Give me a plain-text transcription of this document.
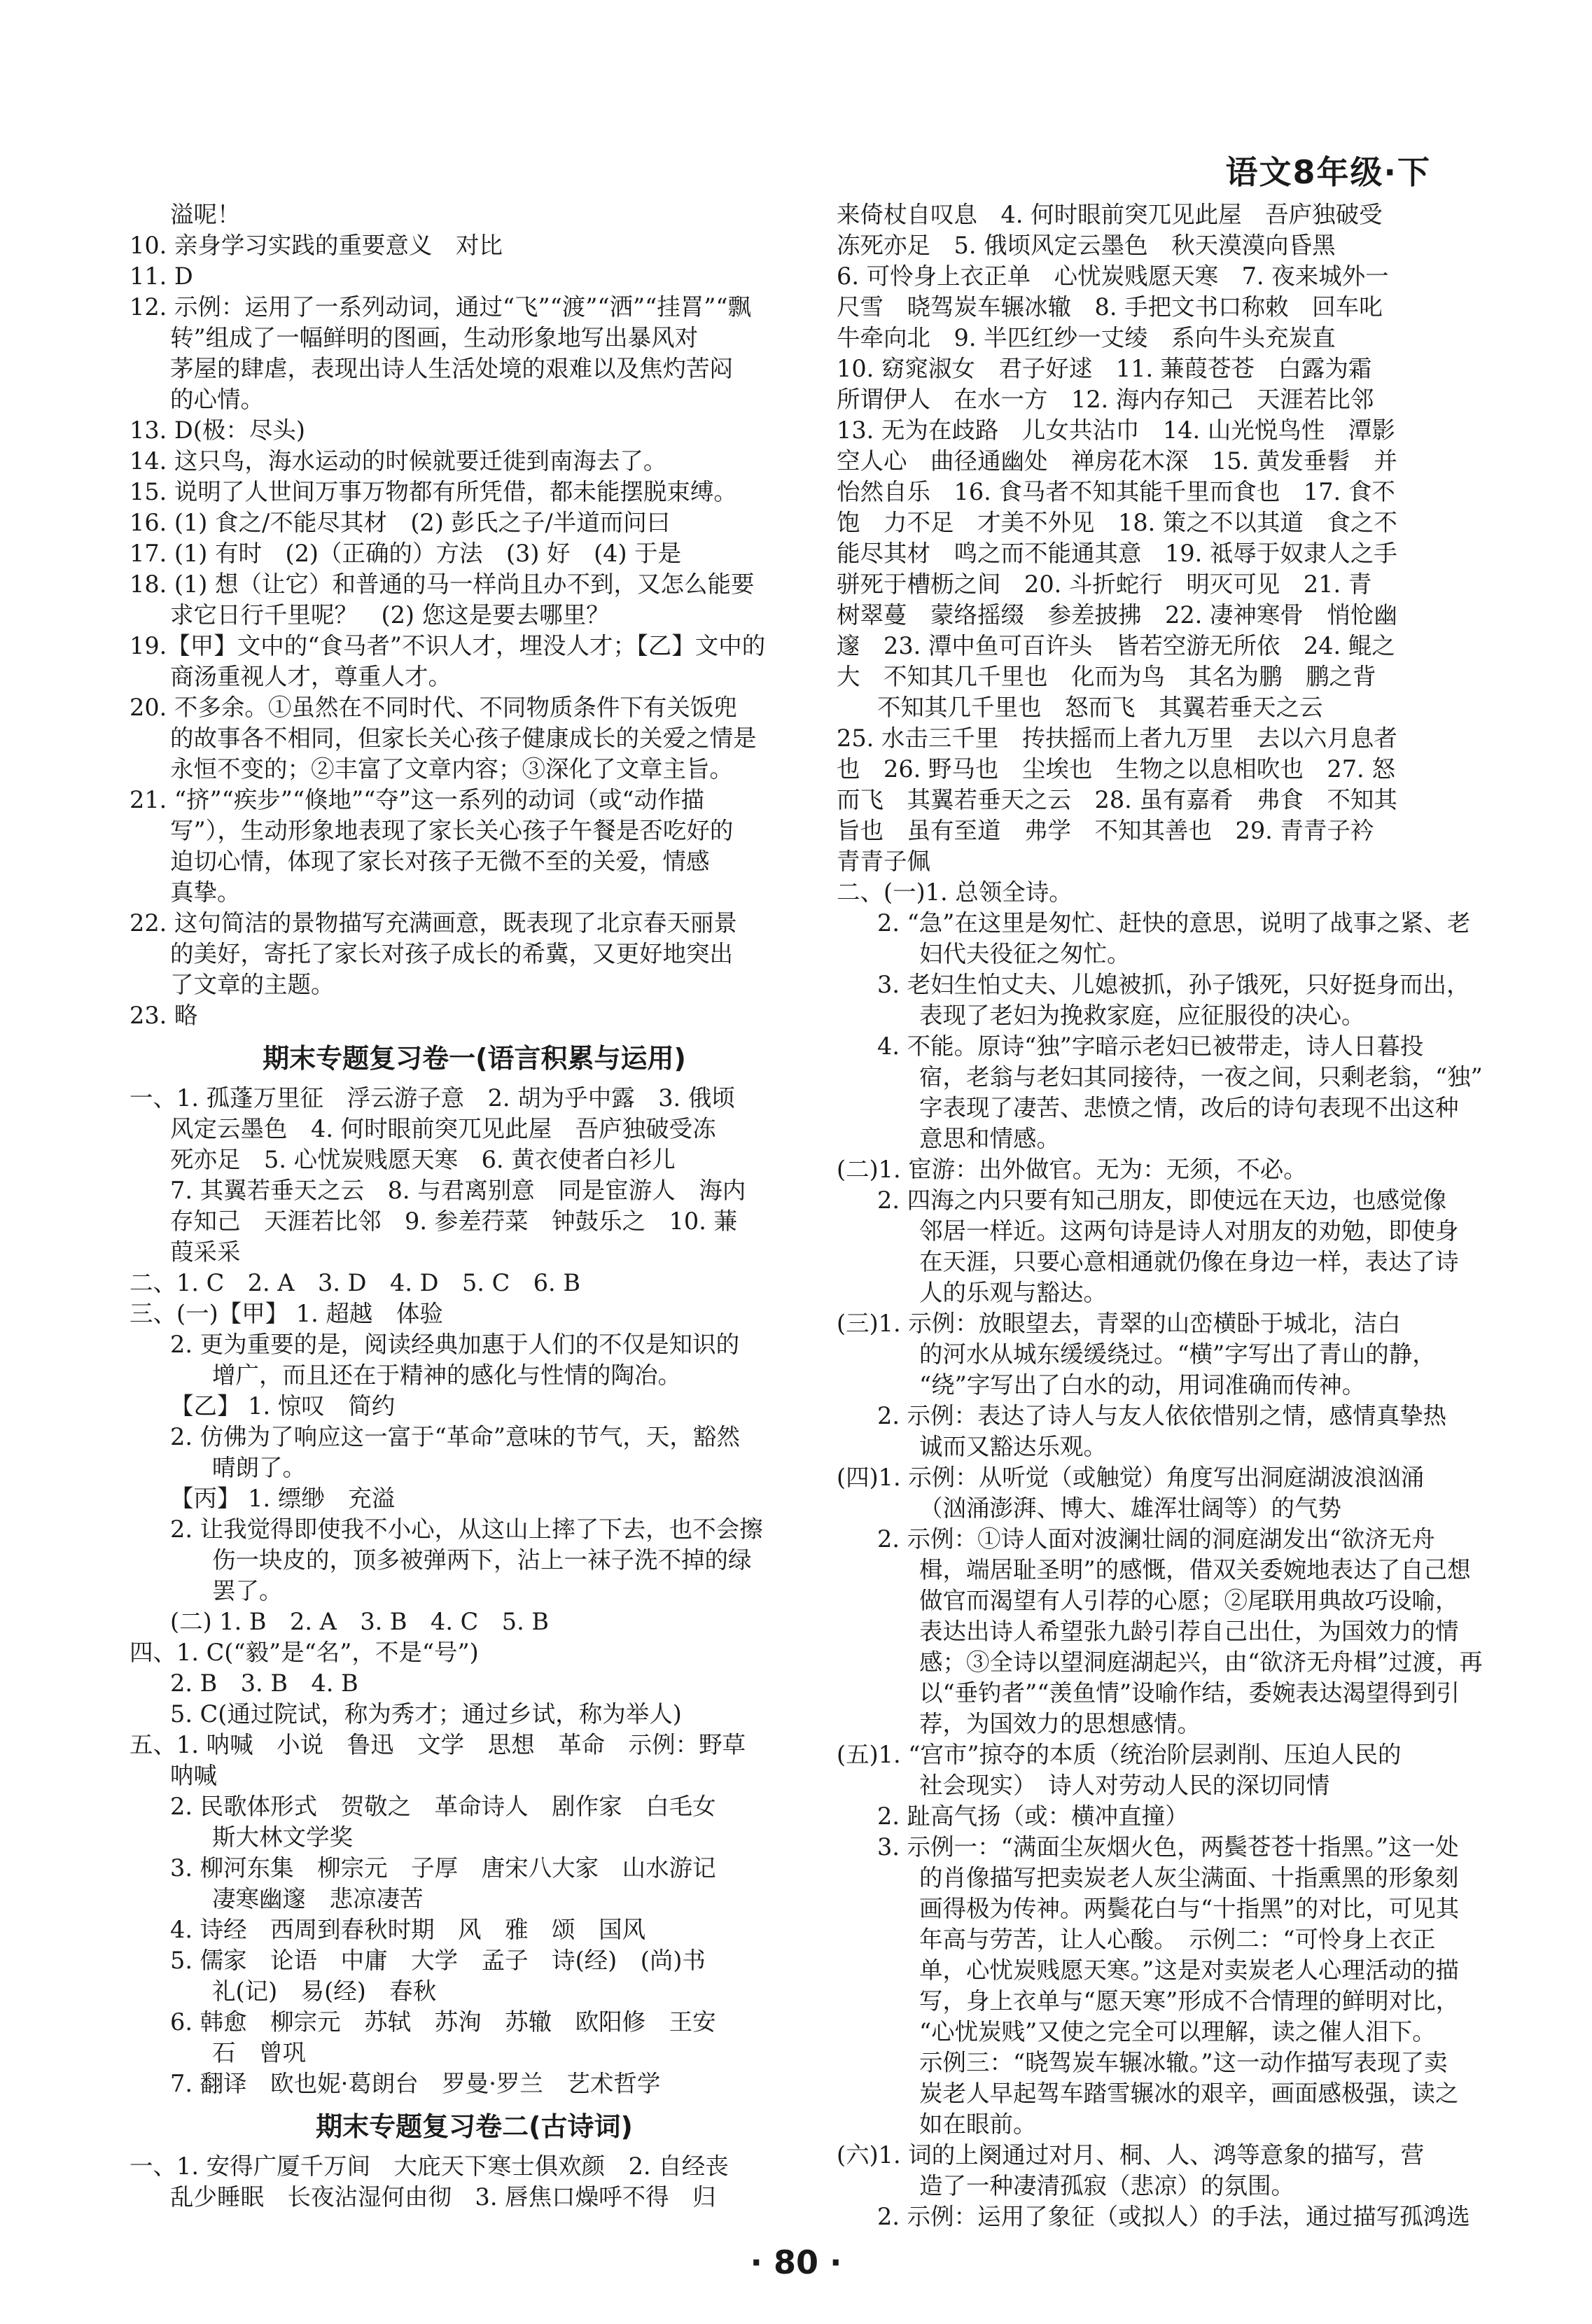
语文8年级·下
溢呢！
10. 亲身学习实践的重要意义　对比
11. D
12. 示例：运用了一系列动词，通过“飞”“渡”“洒”“挂罥”“飘
转”组成了一幅鲜明的图画，生动形象地写出暴风对
茅屋的肆虐，表现出诗人生活处境的艰难以及焦灼苦闷
的心情。
13. D(极：尽头)
14. 这只鸟，海水运动的时候就要迁徙到南海去了。
15. 说明了人世间万事万物都有所凭借，都未能摆脱束缚。
16. (1) 食之/不能尽其材　(2) 彭氏之子/半道而问曰
17. (1) 有时　(2)（正确的）方法　(3) 好　(4) 于是
18. (1) 想（让它）和普通的马一样尚且办不到，又怎么能要
求它日行千里呢？　(2) 您这是要去哪里？
19.【甲】文中的“食马者”不识人才，埋没人才；【乙】文中的
商汤重视人才，尊重人才。
20. 不多余。①虽然在不同时代、不同物质条件下有关饭兜
的故事各不相同，但家长关心孩子健康成长的关爱之情是
永恒不变的；②丰富了文章内容；③深化了文章主旨。
21. “挤”“疾步”“倏地”“夺”这一系列的动词（或“动作描
写”），生动形象地表现了家长关心孩子午餐是否吃好的
迫切心情，体现了家长对孩子无微不至的关爱，情感
真挚。
22. 这句简洁的景物描写充满画意，既表现了北京春天丽景
的美好，寄托了家长对孩子成长的希冀，又更好地突出
了文章的主题。
23. 略
期末专题复习卷一(语言积累与运用)
一、1. 孤蓬万里征　浮云游子意　2. 胡为乎中露　3. 俄顷
风定云墨色　4. 何时眼前突兀见此屋　吾庐独破受冻
死亦足　5. 心忧炭贱愿天寒　6. 黄衣使者白衫儿
7. 其翼若垂天之云　8. 与君离别意　同是宦游人　海内
存知己　天涯若比邻　9. 参差荇菜　钟鼓乐之　10. 蒹
葭采采
二、1. C　2. A　3. D　4. D　5. C　6. B
三、(一)【甲】 1. 超越　体验
2. 更为重要的是，阅读经典加惠于人们的不仅是知识的
增广，而且还在于精神的感化与性情的陶冶。
【乙】 1. 惊叹　简约
2. 仿佛为了响应这一富于“革命”意味的节气，天，豁然
晴朗了。
【丙】 1. 缥缈　充溢
2. 让我觉得即使我不小心，从这山上摔了下去，也不会擦
伤一块皮的，顶多被弹两下，沾上一袜子洗不掉的绿
罢了。
(二) 1. B　2. A　3. B　4. C　5. B
四、1. C(“毅”是“名”，不是“号”)
2. B　3. B　4. B
5. C(通过院试，称为秀才；通过乡试，称为举人)
五、1. 呐喊　小说　鲁迅　文学　思想　革命　示例：野草
呐喊
2. 民歌体形式　贺敬之　革命诗人　剧作家　白毛女
斯大林文学奖
3. 柳河东集　柳宗元　子厚　唐宋八大家　山水游记
凄寒幽邃　悲凉凄苦
4. 诗经　西周到春秋时期　风　雅　颂　国风
5. 儒家　论语　中庸　大学　孟子　诗(经)　(尚)书
礼(记)　易(经)　春秋
6. 韩愈　柳宗元　苏轼　苏洵　苏辙　欧阳修　王安
石　曾巩
7. 翻译　欧也妮·葛朗台　罗曼·罗兰　艺术哲学
期末专题复习卷二(古诗词)
一、1. 安得广厦千万间　大庇天下寒士俱欢颜　2. 自经丧
乱少睡眠　长夜沾湿何由彻　3. 唇焦口燥呼不得　归
来倚杖自叹息　4. 何时眼前突兀见此屋　吾庐独破受
冻死亦足　5. 俄顷风定云墨色　秋天漠漠向昏黑
6. 可怜身上衣正单　心忧炭贱愿天寒　7. 夜来城外一
尺雪　晓驾炭车辗冰辙　8. 手把文书口称敕　回车叱
牛牵向北　9. 半匹红纱一丈绫　系向牛头充炭直
10. 窈窕淑女　君子好逑　11. 蒹葭苍苍　白露为霜
所谓伊人　在水一方　12. 海内存知己　天涯若比邻
13. 无为在歧路　儿女共沾巾　14. 山光悦鸟性　潭影
空人心　曲径通幽处　禅房花木深　15. 黄发垂髫　并
怡然自乐　16. 食马者不知其能千里而食也　17. 食不
饱　力不足　才美不外见　18. 策之不以其道　食之不
能尽其材　鸣之而不能通其意　19. 祗辱于奴隶人之手
骈死于槽枥之间　20. 斗折蛇行　明灭可见　21. 青
树翠蔓　蒙络摇缀　参差披拂　22. 凄神寒骨　悄怆幽
邃　23. 潭中鱼可百许头　皆若空游无所依　24. 鲲之
大　不知其几千里也　化而为鸟　其名为鹏　鹏之背
不知其几千里也　怒而飞　其翼若垂天之云
25. 水击三千里　抟扶摇而上者九万里　去以六月息者
也　26. 野马也　尘埃也　生物之以息相吹也　27. 怒
而飞　其翼若垂天之云　28. 虽有嘉肴　弗食　不知其
旨也　虽有至道　弗学　不知其善也　29. 青青子衿
青青子佩
二、(一)1. 总领全诗。
2. “急”在这里是匆忙、赶快的意思，说明了战事之紧、老
妇代夫役征之匆忙。
3. 老妇生怕丈夫、儿媳被抓，孙子饿死，只好挺身而出，
表现了老妇为挽救家庭，应征服役的决心。
4. 不能。原诗“独”字暗示老妇已被带走，诗人日暮投
宿，老翁与老妇其同接待，一夜之间，只剩老翁，“独”
字表现了凄苦、悲愤之情，改后的诗句表现不出这种
意思和情感。
(二)1. 宦游：出外做官。无为：无须，不必。
2. 四海之内只要有知己朋友，即使远在天边，也感觉像
邻居一样近。这两句诗是诗人对朋友的劝勉，即使身
在天涯，只要心意相通就仍像在身边一样，表达了诗
人的乐观与豁达。
(三)1. 示例：放眼望去，青翠的山峦横卧于城北，洁白
的河水从城东缓缓绕过。“横”字写出了青山的静，
“绕”字写出了白水的动，用词准确而传神。
2. 示例：表达了诗人与友人依依惜别之情，感情真挚热
诚而又豁达乐观。
(四)1. 示例：从听觉（或触觉）角度写出洞庭湖波浪汹涌
（汹涌澎湃、博大、雄浑壮阔等）的气势
2. 示例：①诗人面对波澜壮阔的洞庭湖发出“欲济无舟
楫，端居耻圣明”的感慨，借双关委婉地表达了自己想
做官而渴望有人引荐的心愿；②尾联用典故巧设喻，
表达出诗人希望张九龄引荐自己出仕，为国效力的情
感；③全诗以望洞庭湖起兴，由“欲济无舟楫”过渡，再
以“垂钓者”“羡鱼情”设喻作结，委婉表达渴望得到引
荐，为国效力的思想感情。
(五)1. “宫市”掠夺的本质（统治阶层剥削、压迫人民的
社会现实）　诗人对劳动人民的深切同情
2. 趾高气扬（或：横冲直撞）
3. 示例一：“满面尘灰烟火色，两鬓苍苍十指黑。”这一处
的肖像描写把卖炭老人灰尘满面、十指熏黑的形象刻
画得极为传神。两鬓花白与“十指黑”的对比，可见其
年高与劳苦，让人心酸。　示例二：“可怜身上衣正
单，心忧炭贱愿天寒。”这是对卖炭老人心理活动的描
写，身上衣单与“愿天寒”形成不合情理的鲜明对比，
“心忧炭贱”又使之完全可以理解，读之催人泪下。
示例三：“晓驾炭车辗冰辙。”这一动作描写表现了卖
炭老人早起驾车踏雪辗冰的艰辛，画面感极强，读之
如在眼前。
(六)1. 词的上阕通过对月、桐、人、鸿等意象的描写，营
造了一种凄清孤寂（悲凉）的氛围。
2. 示例：运用了象征（或拟人）的手法，通过描写孤鸿选
· 80 ·
